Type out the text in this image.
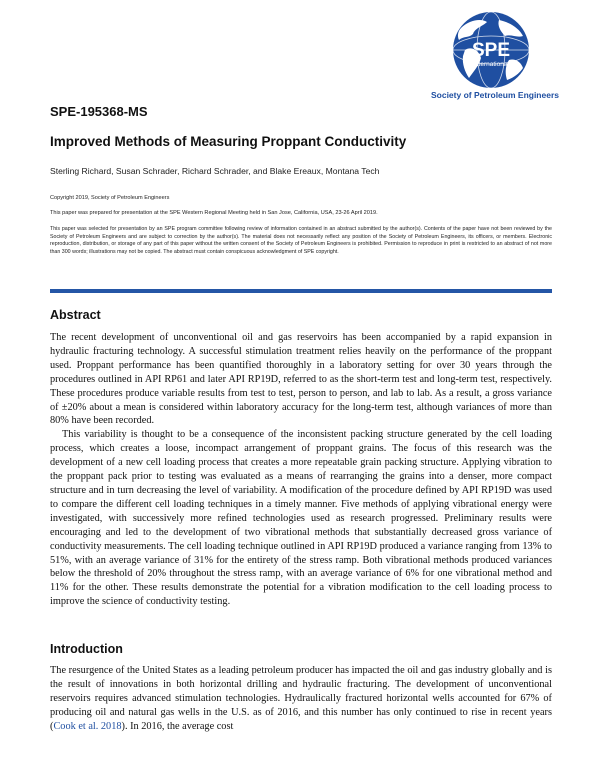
SPE
International
Society of Petroleum Engineers
SPE-195368-MS
Improved Methods of Measuring Proppant Conductivity
Sterling Richard, Susan Schrader, Richard Schrader, and Blake Ereaux, Montana Tech
Copyright 2019, Society of Petroleum Engineers
This paper was prepared for presentation at the SPE Western Regional Meeting held in San Jose, California, USA, 23-26 April 2019.
This paper was selected for presentation by an SPE program committee following review of information contained in an abstract submitted by the author(s). Contents of the paper have not been reviewed by the Society of Petroleum Engineers and are subject to correction by the author(s). The material does not necessarily reflect any position of the Society of Petroleum Engineers, its officers, or members. Electronic reproduction, distribution, or storage of any part of this paper without the written consent of the Society of Petroleum Engineers is prohibited. Permission to reproduce in print is restricted to an abstract of not more than 300 words; illustrations may not be copied. The abstract must contain conspicuous acknowledgment of SPE copyright.
Abstract

The recent development of unconventional oil and gas reservoirs has been accompanied by a rapid expansion in hydraulic fracturing technology. A successful stimulation treatment relies heavily on the performance of the proppant used. Proppant performance has been quantified thoroughly in a laboratory setting for over 30 years through the procedures outlined in API RP61 and later API RP19D, referred to as the short-term test and long-term test, respectively. These procedures produce variable results from test to test, person to person, and lab to lab. As a result, a gross variance of ±20% about a mean is considered within laboratory accuracy for the long-term test, although variances of more than 80% have been recorded.

This variability is thought to be a consequence of the inconsistent packing structure generated by the cell loading process, which creates a loose, incompact arrangement of proppant grains. The focus of this research was the development of a new cell loading process that creates a more repeatable grain packing structure. Applying vibration to the proppant pack prior to testing was evaluated as a means of rearranging the grains into a denser, more compact structure and in turn decreasing the level of variability. A modification of the procedure defined by API RP19D was used to compare the different cell loading techniques in a timely manner. Five methods of applying vibrational energy were investigated, with successively more refined technologies used as research progressed. Preliminary results were encouraging and led to the development of two vibrational methods that substantially decreased gross variance of conductivity measurements. The cell loading technique outlined in API RP19D produced a variance ranging from 13% to 51%, with an average variance of 31% for the entirety of the stress ramp. Both vibrational methods produced variances below the threshold of 20% throughout the stress ramp, with an average variance of 6% for one vibrational method and 11% for the other. These results demonstrate the potential for a vibration modification to the cell loading process to improve the science of conductivity testing.

Introduction

The resurgence of the United States as a leading petroleum producer has impacted the oil and gas industry globally and is the result of innovations in both horizontal drilling and hydraulic fracturing. The development of unconventional reservoirs requires advanced stimulation technologies. Hydraulically fractured horizontal wells accounted for 67% of producing oil and natural gas wells in the U.S. as of 2016, and this number has only continued to rise in recent years (Cook et al. 2018). In 2016, the average cost
